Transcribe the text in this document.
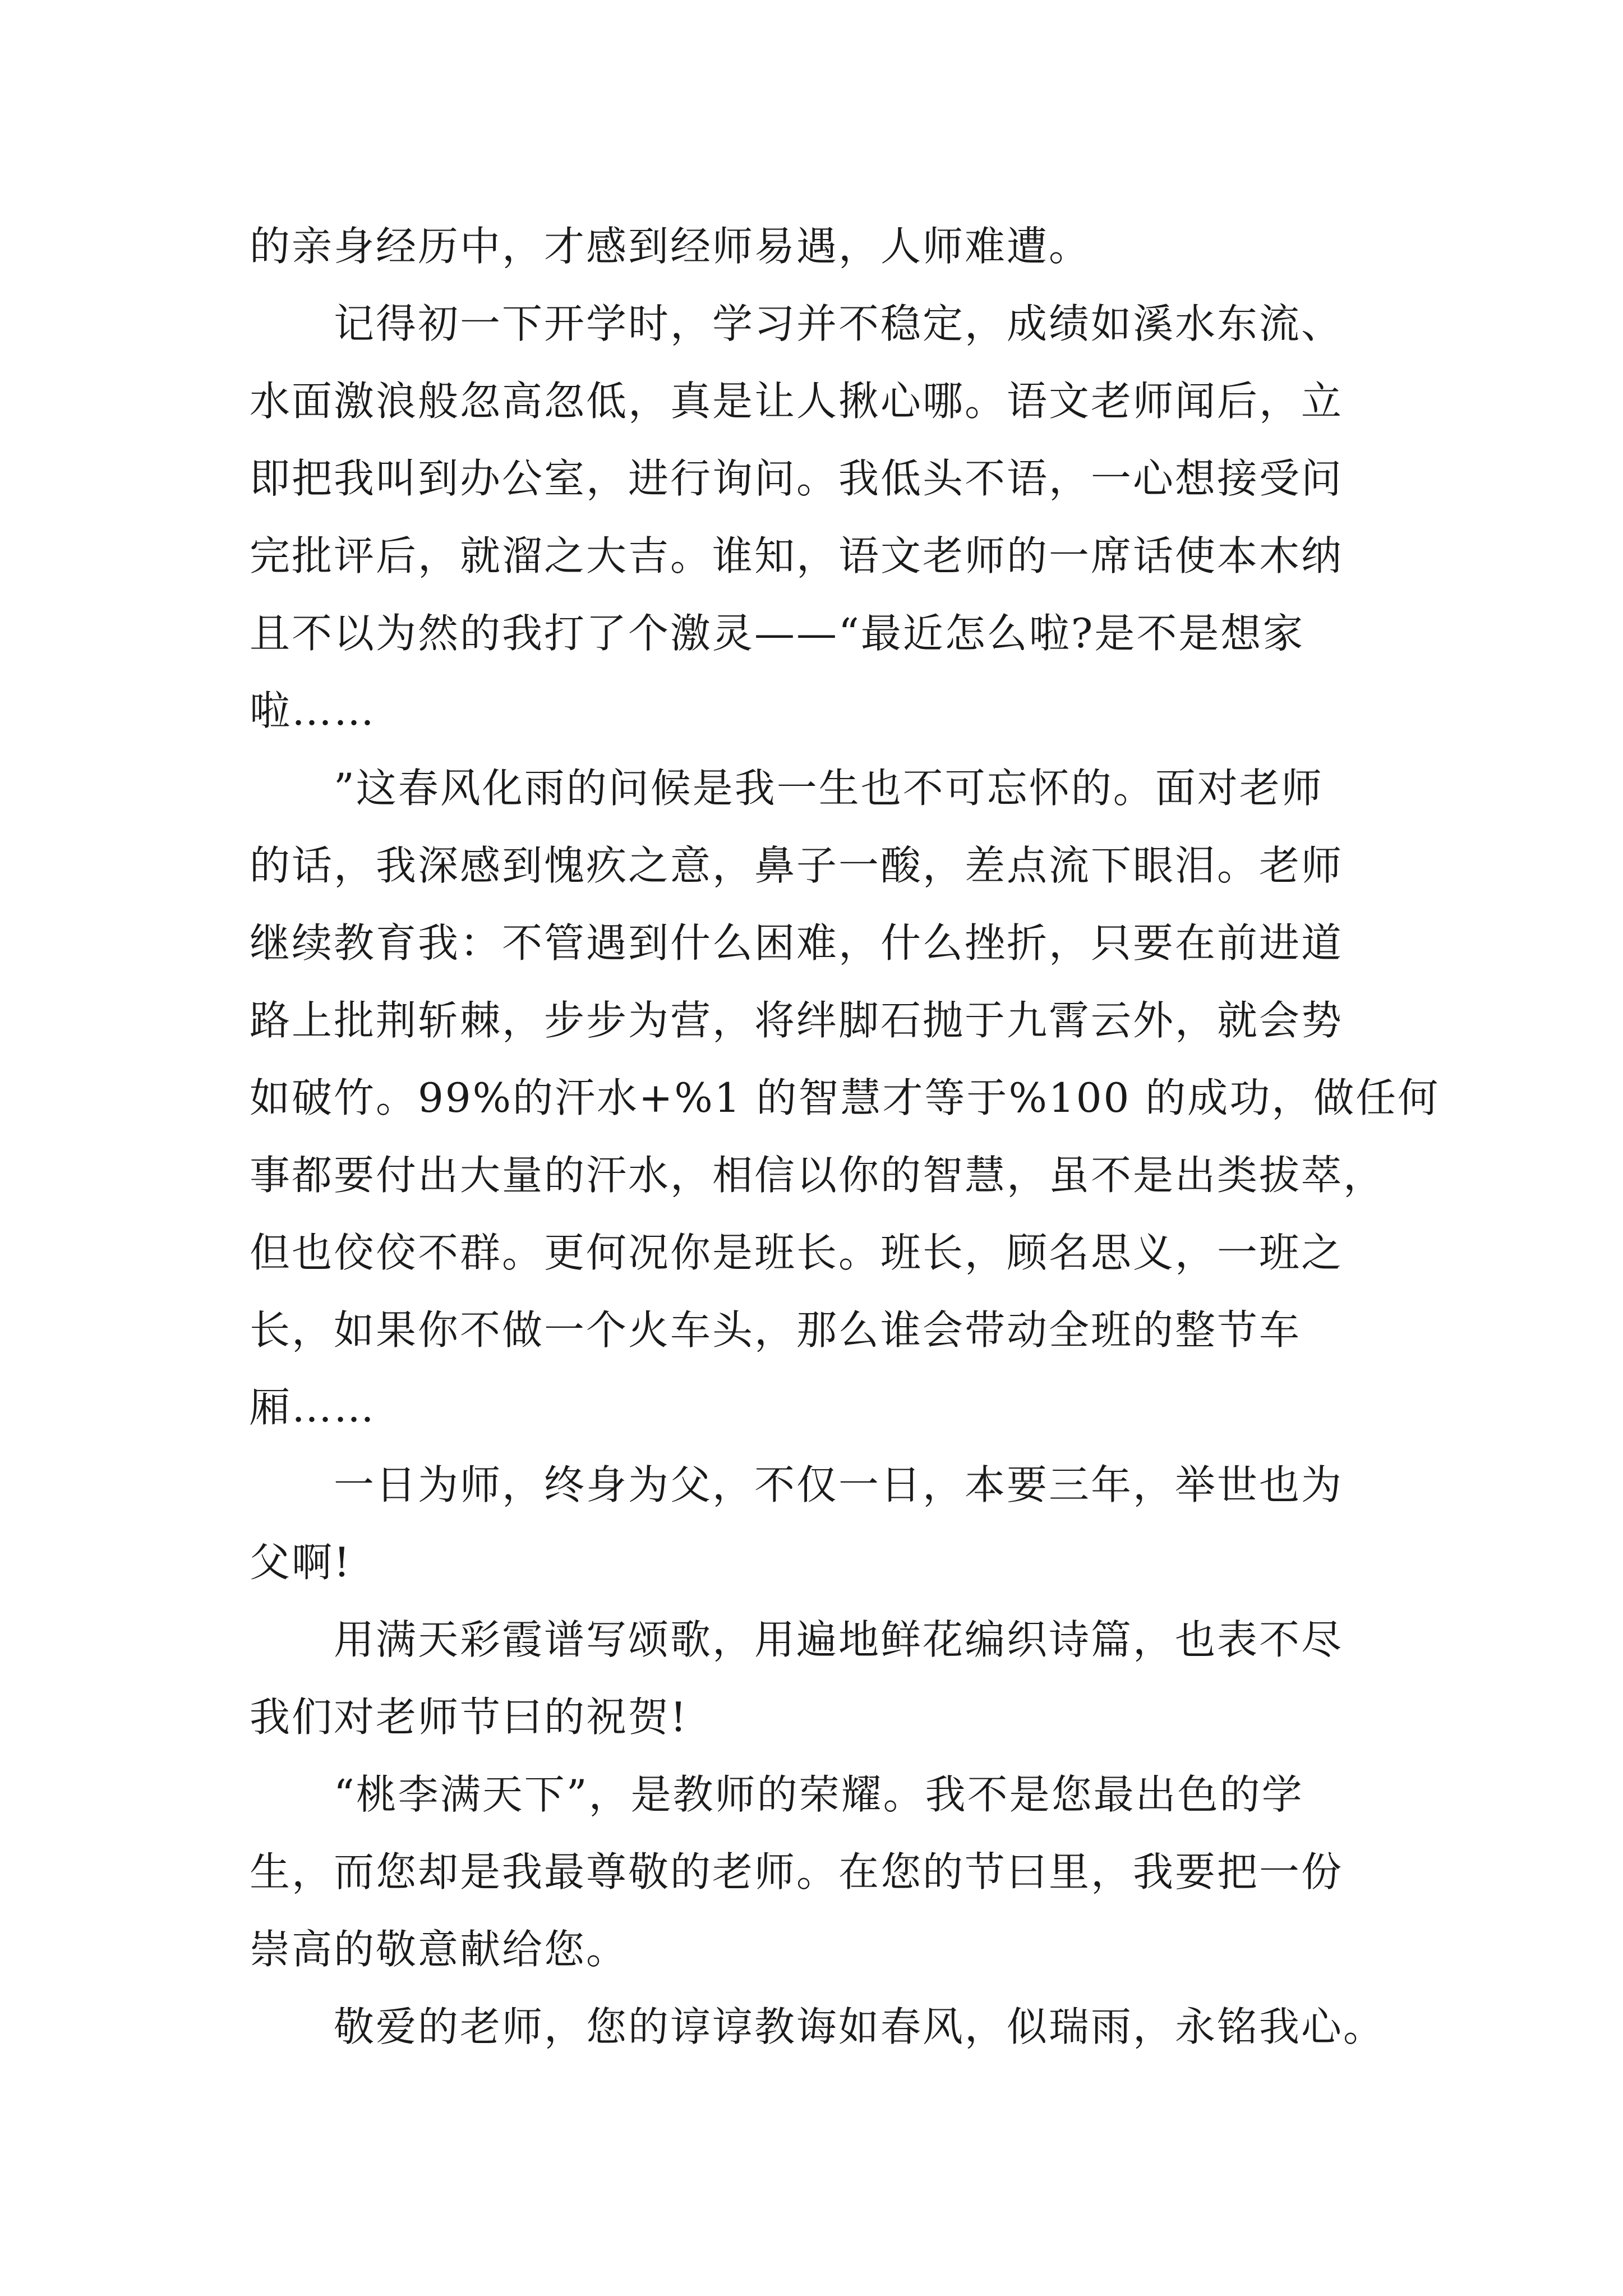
的亲身经历中，才感到经师易遇，人师难遭。
记得初一下开学时，学习并不稳定，成绩如溪水东流、
水面激浪般忽高忽低，真是让人揪心哪。语文老师闻后，立
即把我叫到办公室，进行询问。我低头不语，一心想接受问
完批评后，就溜之大吉。谁知，语文老师的一席话使本木纳
且不以为然的我打了个激灵——“最近怎么啦?是不是想家
啦……
”这春风化雨的问候是我一生也不可忘怀的。面对老师
的话，我深感到愧疚之意，鼻子一酸，差点流下眼泪。老师
继续教育我：不管遇到什么困难，什么挫折，只要在前进道
路上批荆斩棘，步步为营，将绊脚石抛于九霄云外，就会势
如破竹。99%的汗水+%1 的智慧才等于%100 的成功，做任何
事都要付出大量的汗水，相信以你的智慧，虽不是出类拔萃，
但也佼佼不群。更何况你是班长。班长，顾名思义，一班之
长，如果你不做一个火车头，那么谁会带动全班的整节车
厢……
一日为师，终身为父，不仅一日，本要三年，举世也为
父啊!
用满天彩霞谱写颂歌，用遍地鲜花编织诗篇，也表不尽
我们对老师节曰的祝贺!
“桃李满天下”，是教师的荣耀。我不是您最出色的学
生，而您却是我最尊敬的老师。在您的节曰里，我要把一份
崇高的敬意献给您。
敬爱的老师，您的谆谆教诲如春风，似瑞雨，永铭我心。
